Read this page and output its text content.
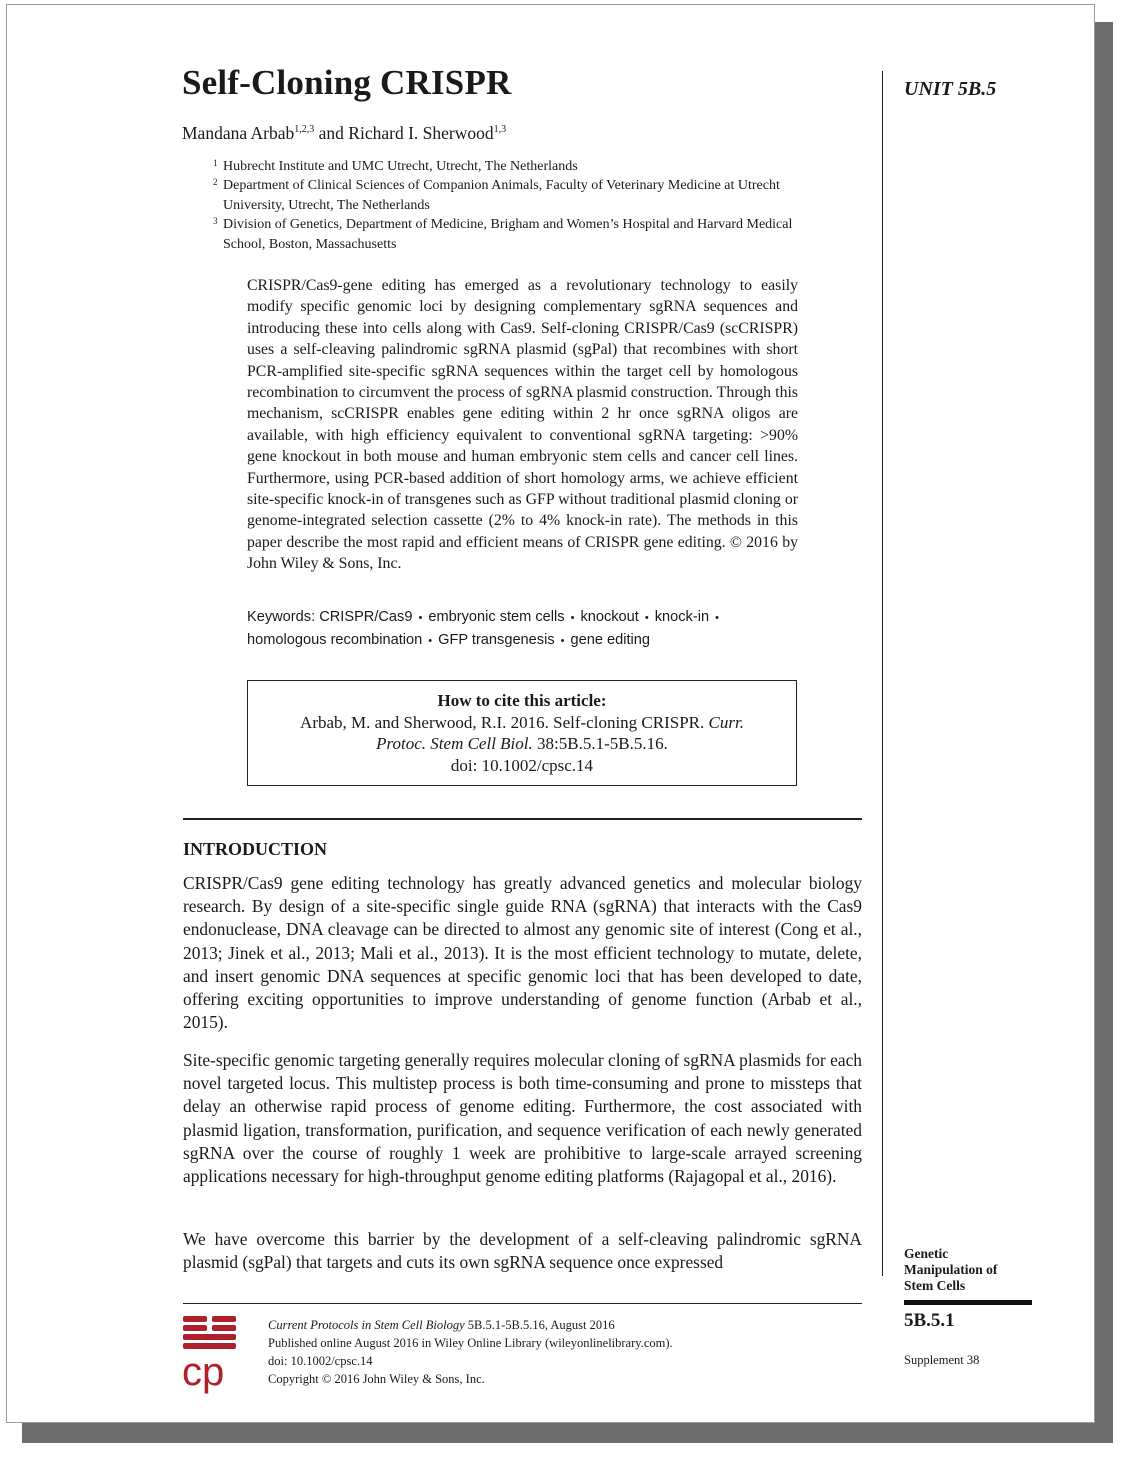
UNIT 5B.5
Self-Cloning CRISPR
Mandana Arbab$^{1,2,3}$ and Richard I. Sherwood$^{1,3}$
1 Hubrecht Institute and UMC Utrecht, Utrecht, The Netherlands
2 Department of Clinical Sciences of Companion Animals, Faculty of Veterinary Medicine at Utrecht University, Utrecht, The Netherlands
3 Division of Genetics, Department of Medicine, Brigham and Women’s Hospital and Harvard Medical School, Boston, Massachusetts

CRISPR/Cas9-gene editing has emerged as a revolutionary technology to easily modify specific genomic loci by designing complementary sgRNA sequences and introducing these into cells along with Cas9. Self-cloning CRISPR/Cas9 (scCRISPR) uses a self-cleaving palindromic sgRNA plasmid (sgPal) that recombines with short PCR-amplified site-specific sgRNA sequences within the target cell by homologous recombination to circumvent the process of sgRNA plasmid construction. Through this mechanism, scCRISPR enables gene editing within 2 hr once sgRNA oligos are available, with high efficiency equivalent to conventional sgRNA targeting: >90% gene knockout in both mouse and human embryonic stem cells and cancer cell lines. Furthermore, using PCR-based addition of short homology arms, we achieve efficient site-specific knock-in of transgenes such as GFP without traditional plasmid cloning or genome-integrated selection cassette (2% to 4% knock-in rate). The methods in this paper describe the most rapid and efficient means of CRISPR gene editing. © 2016 by John Wiley & Sons, Inc.

Keywords: CRISPR/Cas9 • embryonic stem cells • knockout • knock-in •
homologous recombination • GFP transgenesis • gene editing
How to cite this article:
Arbab, M. and Sherwood, R.I. 2016. Self-cloning CRISPR. Curr.
Protoc. Stem Cell Biol. 38:5B.5.1-5B.5.16.
doi: 10.1002/cpsc.14
INTRODUCTION

CRISPR/Cas9 gene editing technology has greatly advanced genetics and molecular biology research. By design of a site-specific single guide RNA (sgRNA) that interacts with the Cas9 endonuclease, DNA cleavage can be directed to almost any genomic site of interest (Cong et al., 2013; Jinek et al., 2013; Mali et al., 2013). It is the most efficient technology to mutate, delete, and insert genomic DNA sequences at specific genomic loci that has been developed to date, offering exciting opportunities to improve understanding of genome function (Arbab et al., 2015).

Site-specific genomic targeting generally requires molecular cloning of sgRNA plasmids for each novel targeted locus. This multistep process is both time-consuming and prone to missteps that delay an otherwise rapid process of genome editing. Furthermore, the cost associated with plasmid ligation, transformation, purification, and sequence verification of each newly generated sgRNA over the course of roughly 1 week are prohibitive to large-scale arrayed screening applications necessary for high-throughput genome editing platforms (Rajagopal et al., 2016).

We have overcome this barrier by the development of a self-cleaving palindromic sgRNA plasmid (sgPal) that targets and cuts its own sgRNA sequence once expressed	Genetic
Manipulation of
Stem Cells
5B.5.1
Supplement 38
cp
Current Protocols in Stem Cell Biology 5B.5.1-5B.5.16, August 2016
Published online August 2016 in Wiley Online Library (wileyonlinelibrary.com).
doi: 10.1002/cpsc.14
Copyright © 2016 John Wiley & Sons, Inc.
